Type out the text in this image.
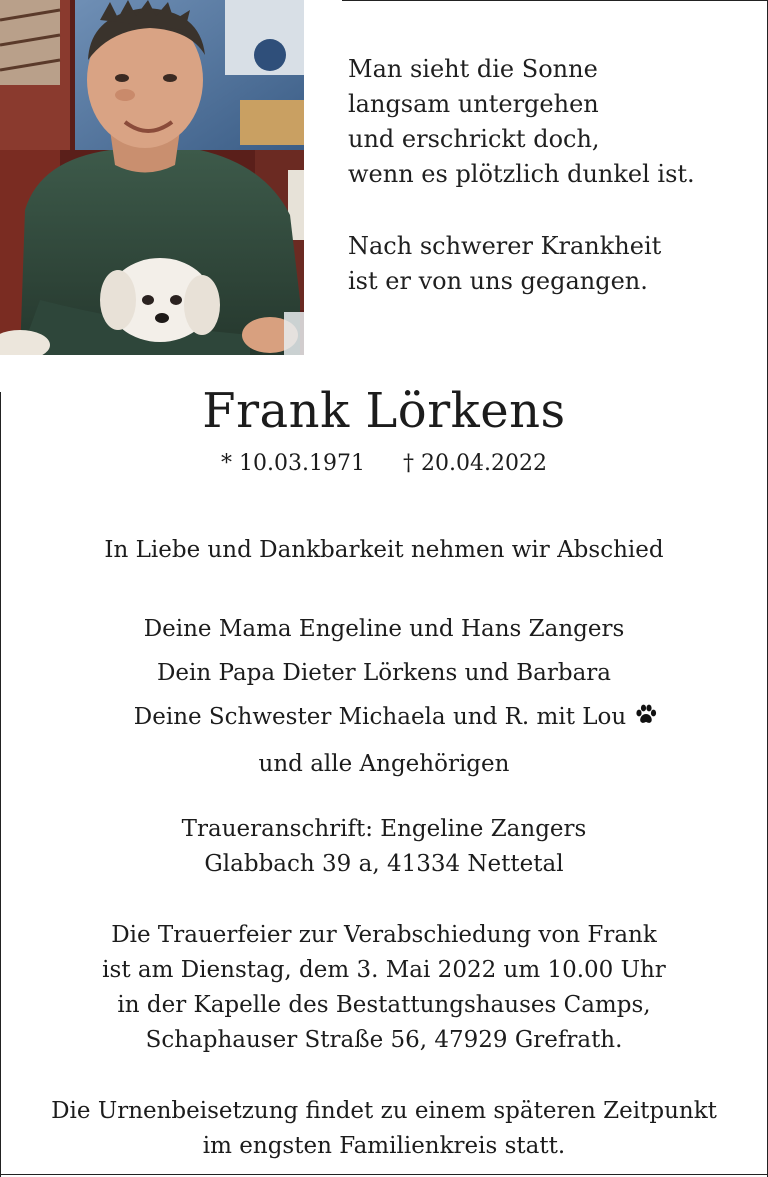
Man sieht die Sonne
langsam untergehen
und erschrickt doch,
wenn es plötzlich dunkel ist.
Nach schwerer Krankheit
ist er von uns gegangen.
Frank Lörkens
* 10.03.1971 † 20.04.2022
In Liebe und Dankbarkeit nehmen wir Abschied
Deine Mama Engeline und Hans Zangers
Dein Papa Dieter Lörkens und Barbara
Deine Schwester Michaela und R. mit Lou
und alle Angehörigen
Traueranschrift: Engeline Zangers
Glabbach 39 a, 41334 Nettetal
Die Trauerfeier zur Verabschiedung von Frank
ist am Dienstag, dem 3. Mai 2022 um 10.00 Uhr
in der Kapelle des Bestattungshauses Camps,
Schaphauser Straße 56, 47929 Grefrath.
Die Urnenbeisetzung findet zu einem späteren Zeitpunkt
im engsten Familienkreis statt.
